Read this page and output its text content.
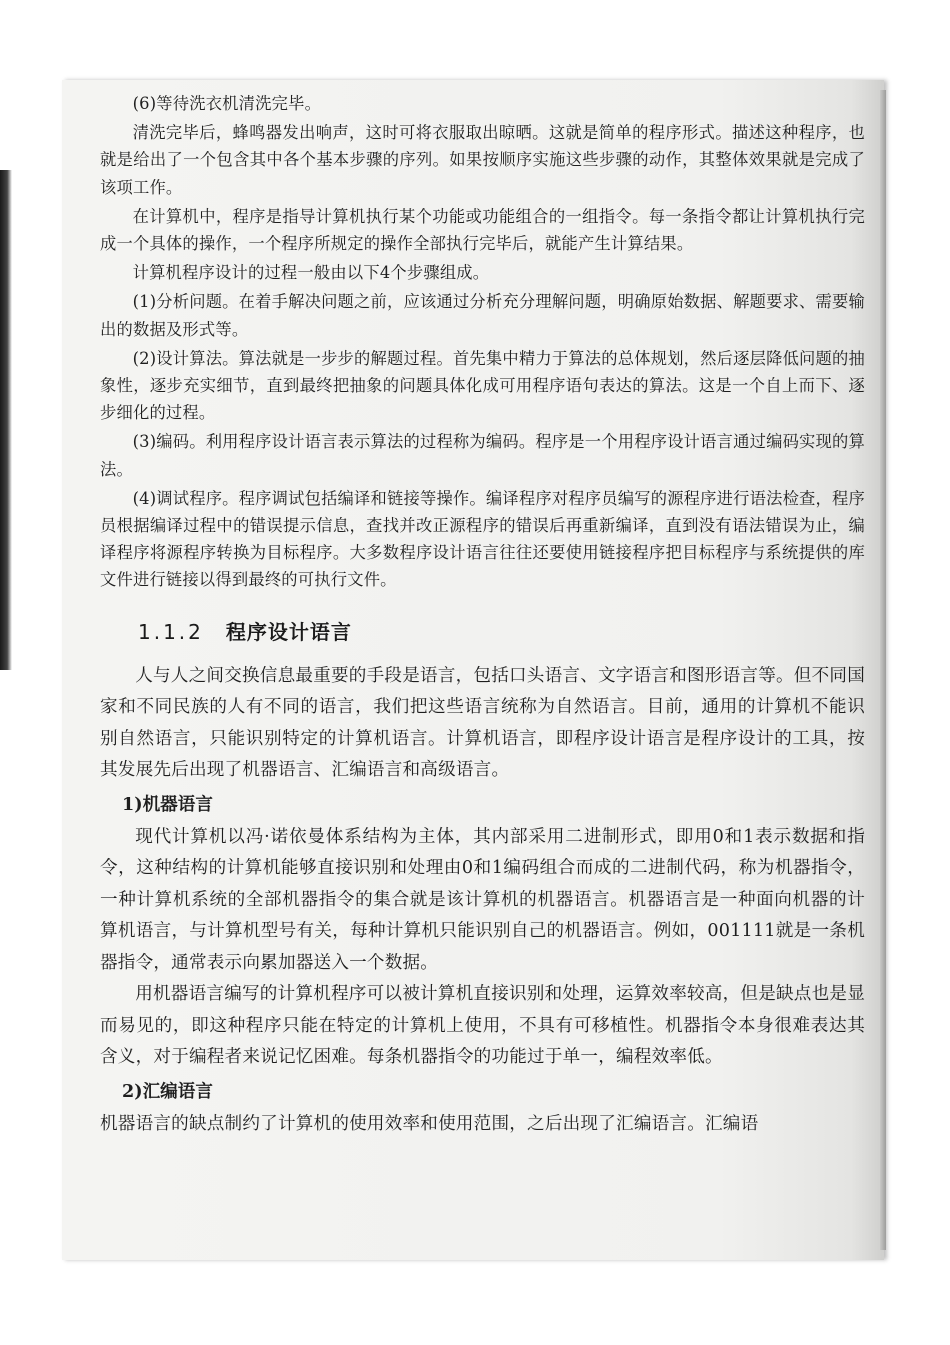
(6)等待洗衣机清洗完毕。

清洗完毕后，蜂鸣器发出响声，这时可将衣服取出晾晒。这就是简单的程序形式。描述这种程序，也就是给出了一个包含其中各个基本步骤的序列。如果按顺序实施这些步骤的动作，其整体效果就是完成了该项工作。

在计算机中，程序是指导计算机执行某个功能或功能组合的一组指令。每一条指令都让计算机执行完成一个具体的操作，一个程序所规定的操作全部执行完毕后，就能产生计算结果。

计算机程序设计的过程一般由以下4个步骤组成。

(1)分析问题。在着手解决问题之前，应该通过分析充分理解问题，明确原始数据、解题要求、需要输出的数据及形式等。

(2)设计算法。算法就是一步步的解题过程。首先集中精力于算法的总体规划，然后逐层降低问题的抽象性，逐步充实细节，直到最终把抽象的问题具体化成可用程序语句表达的算法。这是一个自上而下、逐步细化的过程。

(3)编码。利用程序设计语言表示算法的过程称为编码。程序是一个用程序设计语言通过编码实现的算法。

(4)调试程序。程序调试包括编译和链接等操作。编译程序对程序员编写的源程序进行语法检查，程序员根据编译过程中的错误提示信息，查找并改正源程序的错误后再重新编译，直到没有语法错误为止，编译程序将源程序转换为目标程序。大多数程序设计语言往往还要使用链接程序把目标程序与系统提供的库文件进行链接以得到最终的可执行文件。

1.1.2 程序设计语言

人与人之间交换信息最重要的手段是语言，包括口头语言、文字语言和图形语言等。但不同国家和不同民族的人有不同的语言，我们把这些语言统称为自然语言。目前，通用的计算机不能识别自然语言，只能识别特定的计算机语言。计算机语言，即程序设计语言是程序设计的工具，按其发展先后出现了机器语言、汇编语言和高级语言。

1)机器语言

现代计算机以冯·诺依曼体系结构为主体，其内部采用二进制形式，即用0和1表示数据和指令，这种结构的计算机能够直接识别和处理由0和1编码组合而成的二进制代码，称为机器指令，一种计算机系统的全部机器指令的集合就是该计算机的机器语言。机器语言是一种面向机器的计算机语言，与计算机型号有关，每种计算机只能识别自己的机器语言。例如，001111就是一条机器指令，通常表示向累加器送入一个数据。

用机器语言编写的计算机程序可以被计算机直接识别和处理，运算效率较高，但是缺点也是显而易见的，即这种程序只能在特定的计算机上使用，不具有可移植性。机器指令本身很难表达其含义，对于编程者来说记忆困难。每条机器指令的功能过于单一，编程效率低。

2)汇编语言

机器语言的缺点制约了计算机的使用效率和使用范围，之后出现了汇编语言。汇编语
